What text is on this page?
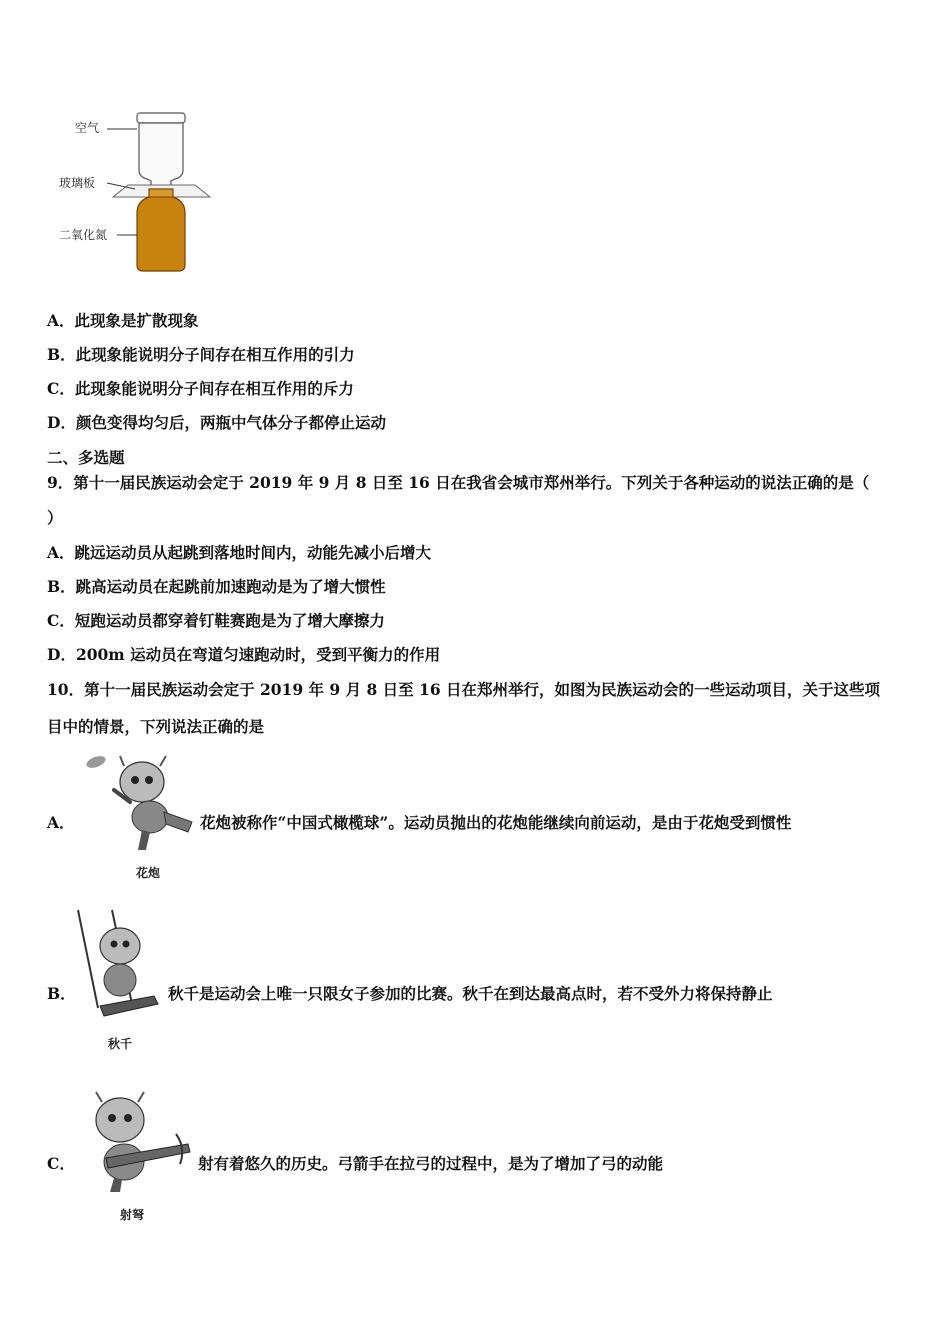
空气
玻璃板
二氧化氮
A．此现象是扩散现象
B．此现象能说明分子间存在相互作用的引力
C．此现象能说明分子间存在相互作用的斥力
D．颜色变得均匀后，两瓶中气体分子都停止运动
二、多选题
9．第十一届民族运动会定于 2019 年 9 月 8 日至 16 日在我省会城市郑州举行。下列关于各种运动的说法正确的是（
）
A．跳远运动员从起跳到落地时间内，动能先减小后增大
B．跳高运动员在起跳前加速跑动是为了增大惯性
C．短跑运动员都穿着钉鞋赛跑是为了增大摩擦力
D．200m 运动员在弯道匀速跑动时，受到平衡力的作用
10．第十一届民族运动会定于 2019 年 9 月 8 日至 16 日在郑州举行，如图为民族运动会的一些运动项目，关于这些项
目中的情景，下列说法正确的是
A．
花炮
花炮被称作“中国式橄榄球”。运动员抛出的花炮能继续向前运动，是由于花炮受到惯性
B．
秋千
秋千是运动会上唯一只限女子参加的比赛。秋千在到达最高点时，若不受外力将保持静止
C．
射弩
射有着悠久的历史。弓箭手在拉弓的过程中，是为了增加了弓的动能
